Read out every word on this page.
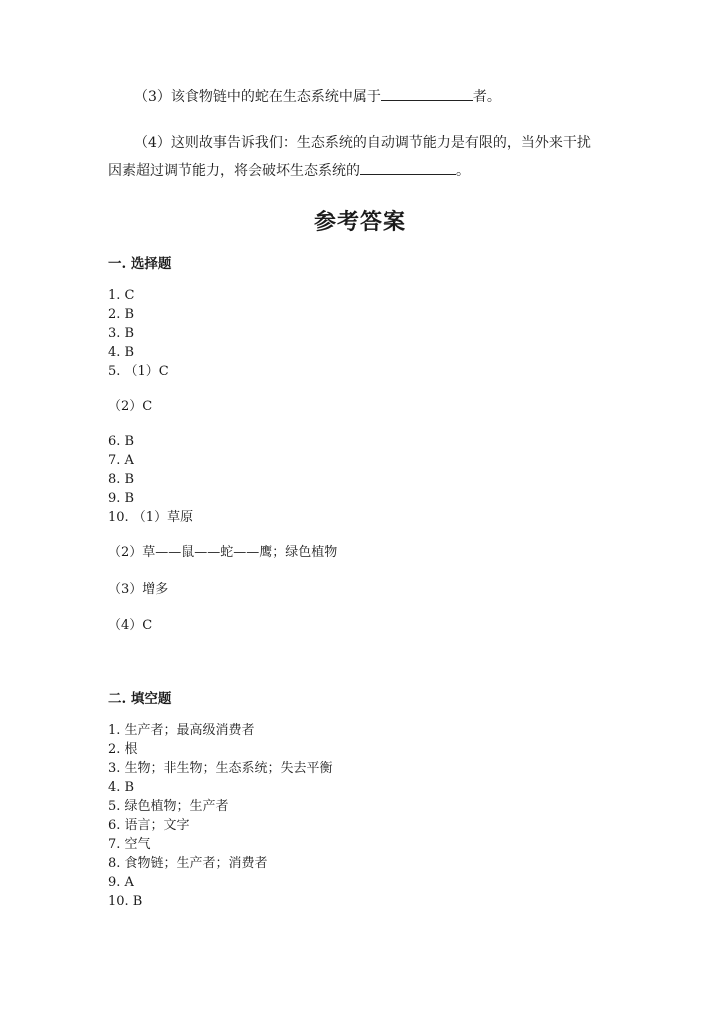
（3）该食物链中的蛇在生态系统中属于	者。
（4）这则故事告诉我们：生态系统的自动调节能力是有限的，当外来干扰
因素超过调节能力，将会破坏生态系统的	。
参考答案
一. 选择题
1. C
2. B
3. B
4. B
5. （1）C
（2）C
6. B
7. A
8. B
9. B
10. （1）草原
（2）草——鼠——蛇——鹰；绿色植物
（3）增多
（4）C
二. 填空题
1. 生产者；最高级消费者
2. 根
3. 生物；非生物；生态系统；失去平衡
4. B
5. 绿色植物；生产者
6. 语言；文字
7. 空气
8. 食物链；生产者；消费者
9. A
10. B
